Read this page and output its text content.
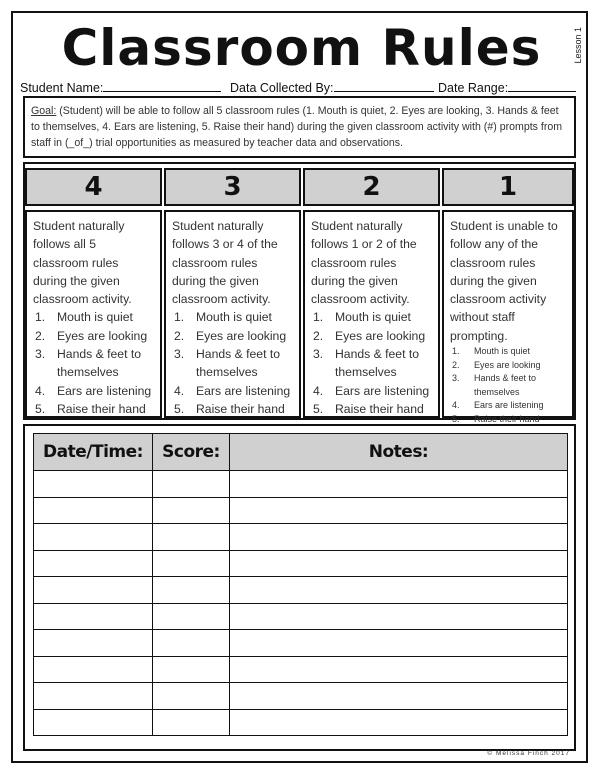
Classroom Rules	Lesson 1
Student Name:	Data Collected By:	Date Range:
Goal: (Student) will be able to follow all 5 classroom rules (1. Mouth is quiet, 2. Eyes are looking, 3. Hands & feet to themselves, 4. Ears are listening, 5. Raise their hand) during the given classroom activity with (#) prompts from staff in (_of_) trial opportunities as measured by teacher data and observations.
4

Student naturally follows all 5 classroom rules during the given classroom activity.

1. Mouth is quiet
2. Eyes are looking
3. Hands & feet to themselves
4. Ears are listening
5. Raise their hand
3

Student naturally follows 3 or 4 of the classroom rules during the given classroom activity.

1. Mouth is quiet
2. Eyes are looking
3. Hands & feet to themselves
4. Ears are listening
5. Raise their hand
2

Student naturally follows 1 or 2 of the classroom rules during the given classroom activity.

1. Mouth is quiet
2. Eyes are looking
3. Hands & feet to themselves
4. Ears are listening
5. Raise their hand
1

Student is unable to follow any of the classroom rules during the given classroom activity without staff prompting.

1. Mouth is quiet
2. Eyes are looking
3. Hands & feet to themselves
4. Ears are listening
5. Raise their hand
Date/Time:	Score:	Notes:

© Melissa Finch 2017
